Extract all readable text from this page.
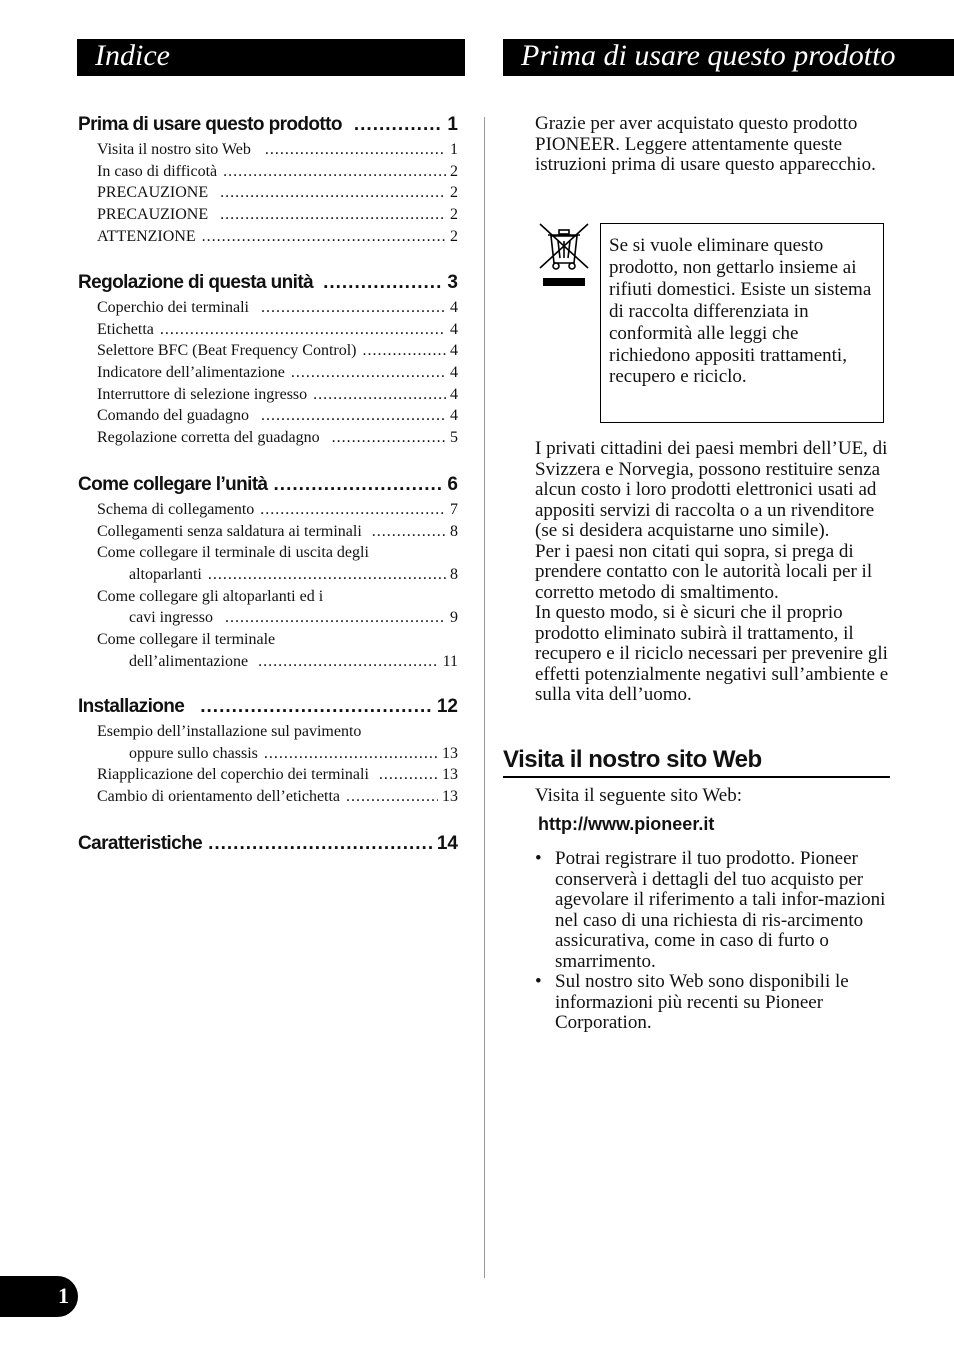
Indice	Prima di usare questo prodotto
Prima di usare questo prodotto .....	1
Visita il nostro sito Web .....	1
In caso di difficotà .....	2
PRECAUZIONE .....	2
PRECAUZIONE .....	2
ATTENZIONE .....	2
Regolazione di questa unità .....	3
Coperchio dei terminali .....	4
Etichetta .....	4
Selettore BFC (Beat Frequency Control) .....	4
Indicatore dell’alimentazione .....	4
Interruttore di selezione ingresso .....	4
Comando del guadagno .....	4
Regolazione corretta del guadagno .....	5
Come collegare l’unità .....	6
Schema di collegamento .....	7
Collegamenti senza saldatura ai terminali .....	8
Come collegare il terminale di uscita degli
altoparlanti .....	8
Come collegare gli altoparlanti ed i
cavi ingresso .....	9
Come collegare il terminale
dell’alimentazione .....	11
Installazione .....	12
Esempio dell’installazione sul pavimento
oppure sullo chassis .....	13
Riapplicazione del coperchio dei terminali .....	13
Cambio di orientamento dell’etichetta .....	13
Caratteristiche .....	14

Grazie per aver acquistato questo prodotto PIONEER. Leggere attentamente queste istruzioni prima di usare questo apparecchio.

Se si vuole eliminare questo prodotto, non gettarlo insieme ai rifiuti domestici. Esiste un sistema di raccolta differenziata in conformità alle leggi che richiedono appositi trattamenti, recupero e riciclo.

I privati cittadini dei paesi membri dell’UE, di Svizzera e Norvegia, possono restituire senza alcun costo i loro prodotti elettronici usati ad appositi servizi di raccolta o a un rivenditore (se si desidera acquistarne uno simile).

Per i paesi non citati qui sopra, si prega di prendere contatto con le autorità locali per il corretto metodo di smaltimento.

In questo modo, si è sicuri che il proprio prodotto eliminato subirà il trattamento, il recupero e il riciclo necessari per prevenire gli effetti potenzialmente negativi sull’ambiente e sulla vita dell’uomo.

Visita il nostro sito Web

Visita il seguente sito Web:

http://www.pioneer.it
• Potrai registrare il tuo prodotto. Pioneer conserverà i dettagli del tuo acquisto per agevolare il riferimento a tali infor-mazioni nel caso di una richiesta di ris-arcimento assicurativa, come in caso di furto o smarrimento.
• Sul nostro sito Web sono disponibili le informazioni più recenti su Pioneer Corporation.
1
